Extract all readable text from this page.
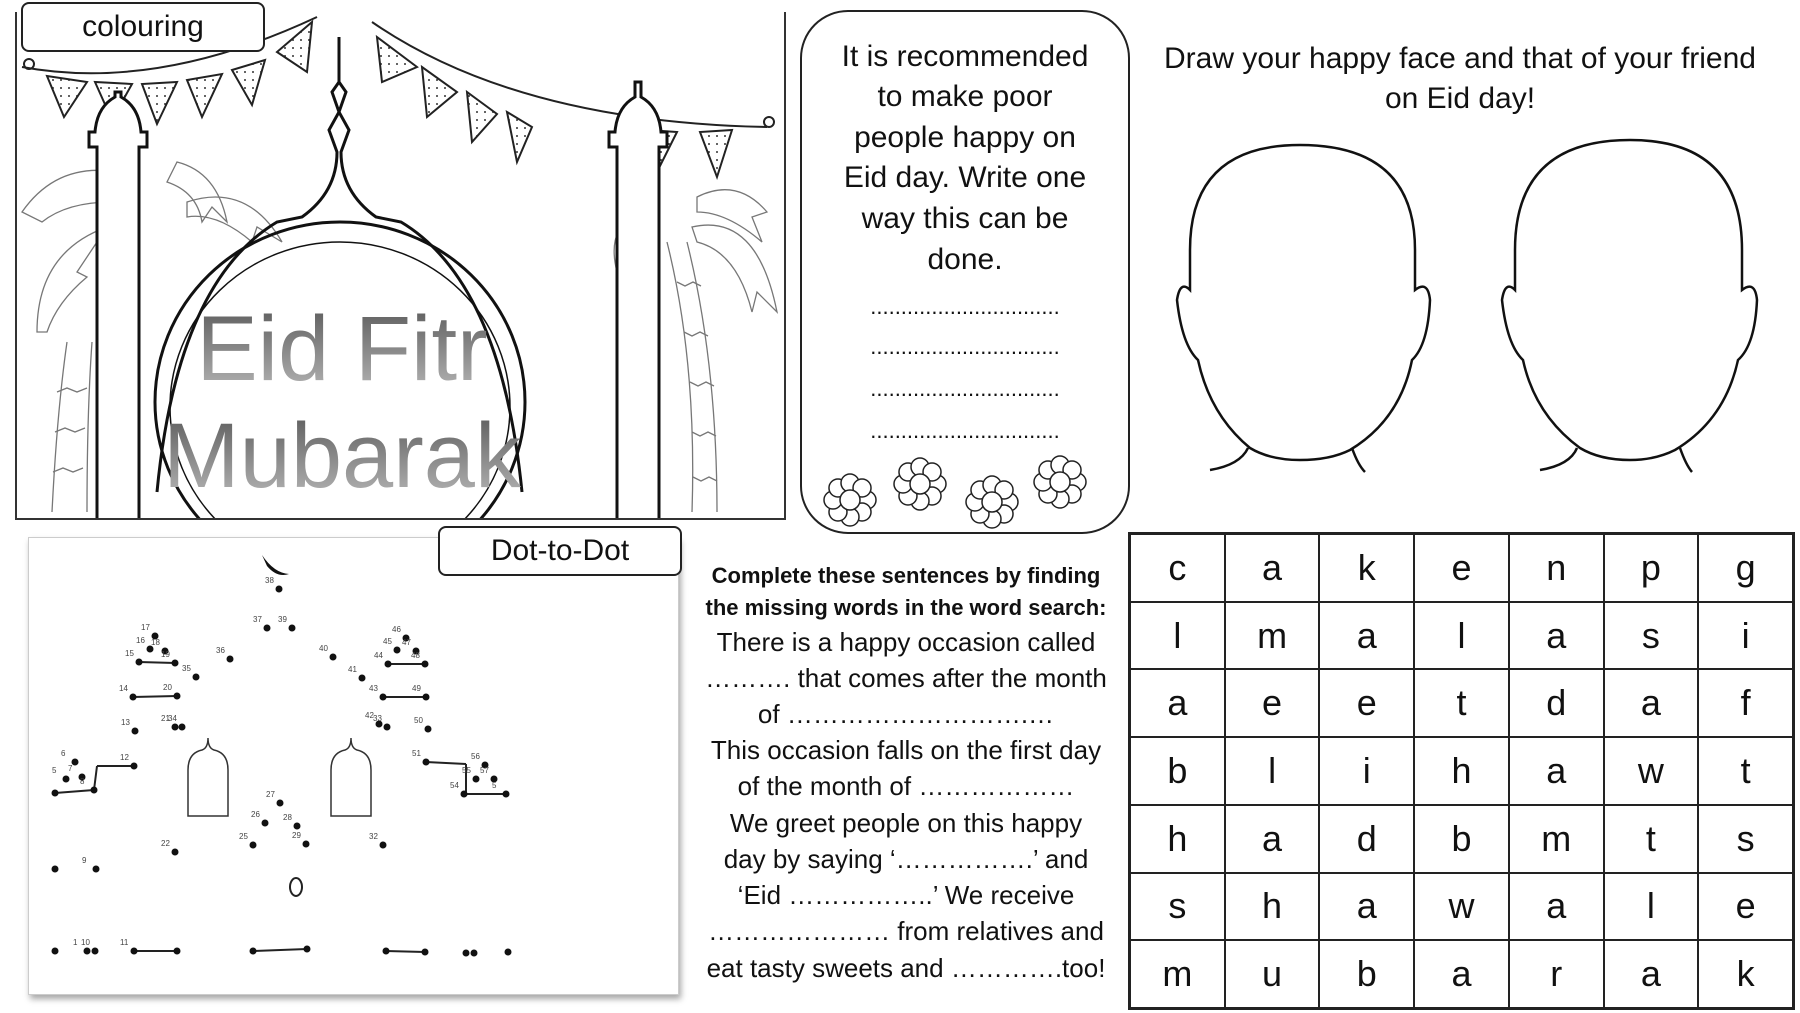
Eid Fitr
Mubarak
colouring
It is recommended
to make poor
people happy on
Eid day. Write one
way this can be
done.
...............................
...............................
...............................
...............................
Draw your happy face and that of your friend
on Eid day!
38
37 39
17
16 18
15	19	36
35
14	20
13	21
34
6
5 7
8
12
40
41
46
45 47
44	48
43	49
42 33	50
51	56
55 57
54	5
27
26	28
25	29
22
32
9
1 10	11
Dot-to-Dot
Complete these sentences by finding
the missing words in the word search:
There is a happy occasion called
………. that comes after the month
of ……………………….…
This occasion falls on the first day
of the month of ………………
We greet people on this happy
day by saying ‘…………….’ and
‘Eid ……………..’ We receive
………………… from relatives and
eat tasty sweets and ………….too!
c	a	k	e	n	p	g
l	m	a	l	a	s	i
a	e	e	t	d	a	f
b	l	i	h	a	w	t
h	a	d	b	m	t	s
s	h	a	w	a	l	e
m	u	b	a	r	a	k
